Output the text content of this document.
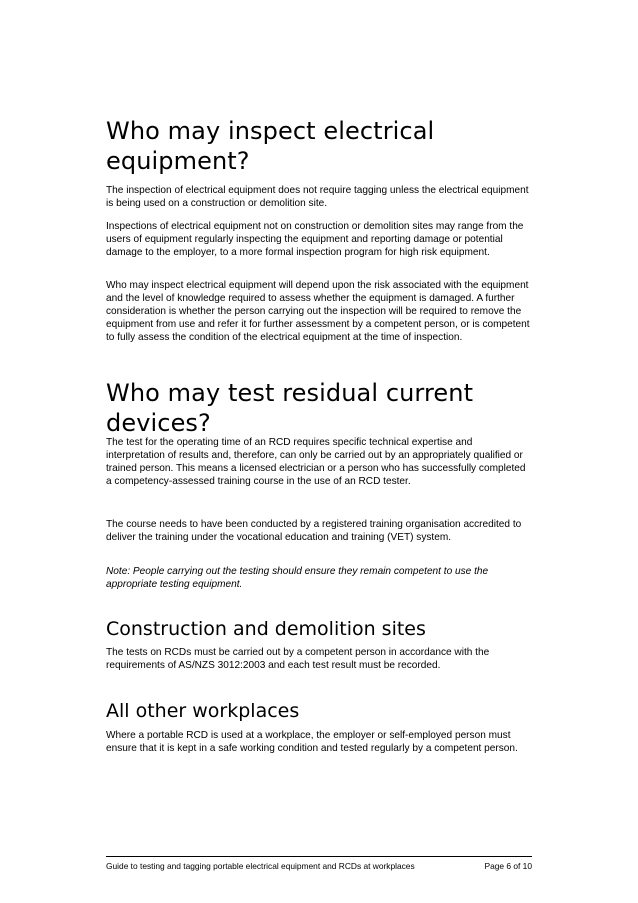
Who may inspect electrical equipment?

The inspection of electrical equipment does not require tagging unless the electrical equipment is being used on a construction or demolition site.

Inspections of electrical equipment not on construction or demolition sites may range from the users of equipment regularly inspecting the equipment and reporting damage or potential damage to the employer, to a more formal inspection program for high risk equipment.

Who may inspect electrical equipment will depend upon the risk associated with the equipment and the level of knowledge required to assess whether the equipment is damaged. A further consideration is whether the person carrying out the inspection will be required to remove the equipment from use and refer it for further assessment by a competent person, or is competent to fully assess the condition of the electrical equipment at the time of inspection.

Who may test residual current devices?

The test for the operating time of an RCD requires specific technical expertise and interpretation of results and, therefore, can only be carried out by an appropriately qualified or trained person. This means a licensed electrician or a person who has successfully completed a competency-assessed training course in the use of an RCD tester.

The course needs to have been conducted by a registered training organisation accredited to deliver the training under the vocational education and training (VET) system.

Note: People carrying out the testing should ensure they remain competent to use the appropriate testing equipment.

Construction and demolition sites

The tests on RCDs must be carried out by a competent person in accordance with the requirements of AS/NZS 3012:2003 and each test result must be recorded.

All other workplaces

Where a portable RCD is used at a workplace, the employer or self-employed person must ensure that it is kept in a safe working condition and tested regularly by a competent person.

Guide to testing and tagging portable electrical equipment and RCDs at workplaces	Page 6 of 10
